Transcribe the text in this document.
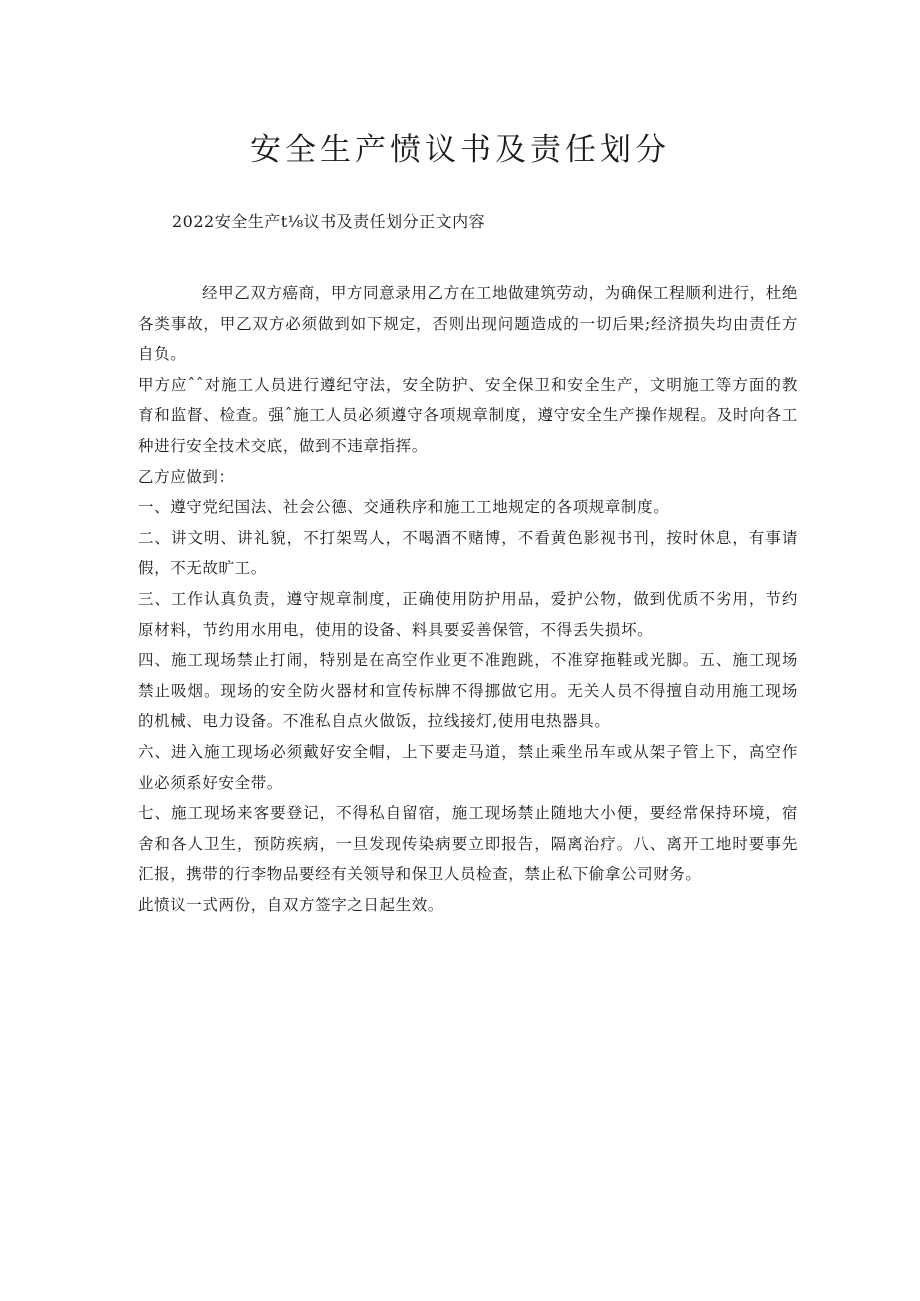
安全生产愤议书及责任划分

2022安全生产t⅛议书及责任划分正文内容

经甲乙双方癌商，甲方同意录用乙方在工地做建筑劳动，为确保工程顺利进行，杜绝各类事故，甲乙双方必须做到如下规定，否则出现问题造成的一切后果;经济损失均由责任方自负。

甲方应ˆˆ对施工人员进行遵纪守法，安全防护、安全保卫和安全生产，文明施工等方面的教育和监督、检查。强ˆ施工人员必须遵守各项规章制度，遵守安全生产操作规程。及时向各工种进行安全技术交底，做到不违章指挥。

乙方应做到：

一、遵守党纪国法、社会公德、交通秩序和施工工地规定的各项规章制度。

二、讲文明、讲礼貌，不打架骂人，不喝酒不赌博，不看黄色影视书刊，按时休息，有事请假，不无故旷工。

三、工作认真负责，遵守规章制度，正确使用防护用品，爱护公物，做到优质不劣用，节约原材料，节约用水用电，使用的设备、料具要妥善保管，不得丢失损坏。

四、施工现场禁止打闹，特别是在高空作业更不准跑跳，不准穿拖鞋或光脚。五、施工现场禁止吸烟。现场的安全防火器材和宣传标牌不得挪做它用。无关人员不得擅自动用施工现场的机械、电力设备。不准私自点火做饭，拉线接灯,使用电热器具。

六、进入施工现场必须戴好安全帽，上下要走马道，禁止乘坐吊车或从架子管上下，高空作业必须系好安全带。

七、施工现场来客要登记，不得私自留宿，施工现场禁止随地大小便，要经常保持环境，宿舍和各人卫生，预防疾病，一旦发现传染病要立即报告，隔离治疗。八、离开工地时要事先汇报，携带的行李物品要经有关领导和保卫人员检查，禁止私下偷拿公司财务。

此愤议一式两份，自双方签字之日起生效。
